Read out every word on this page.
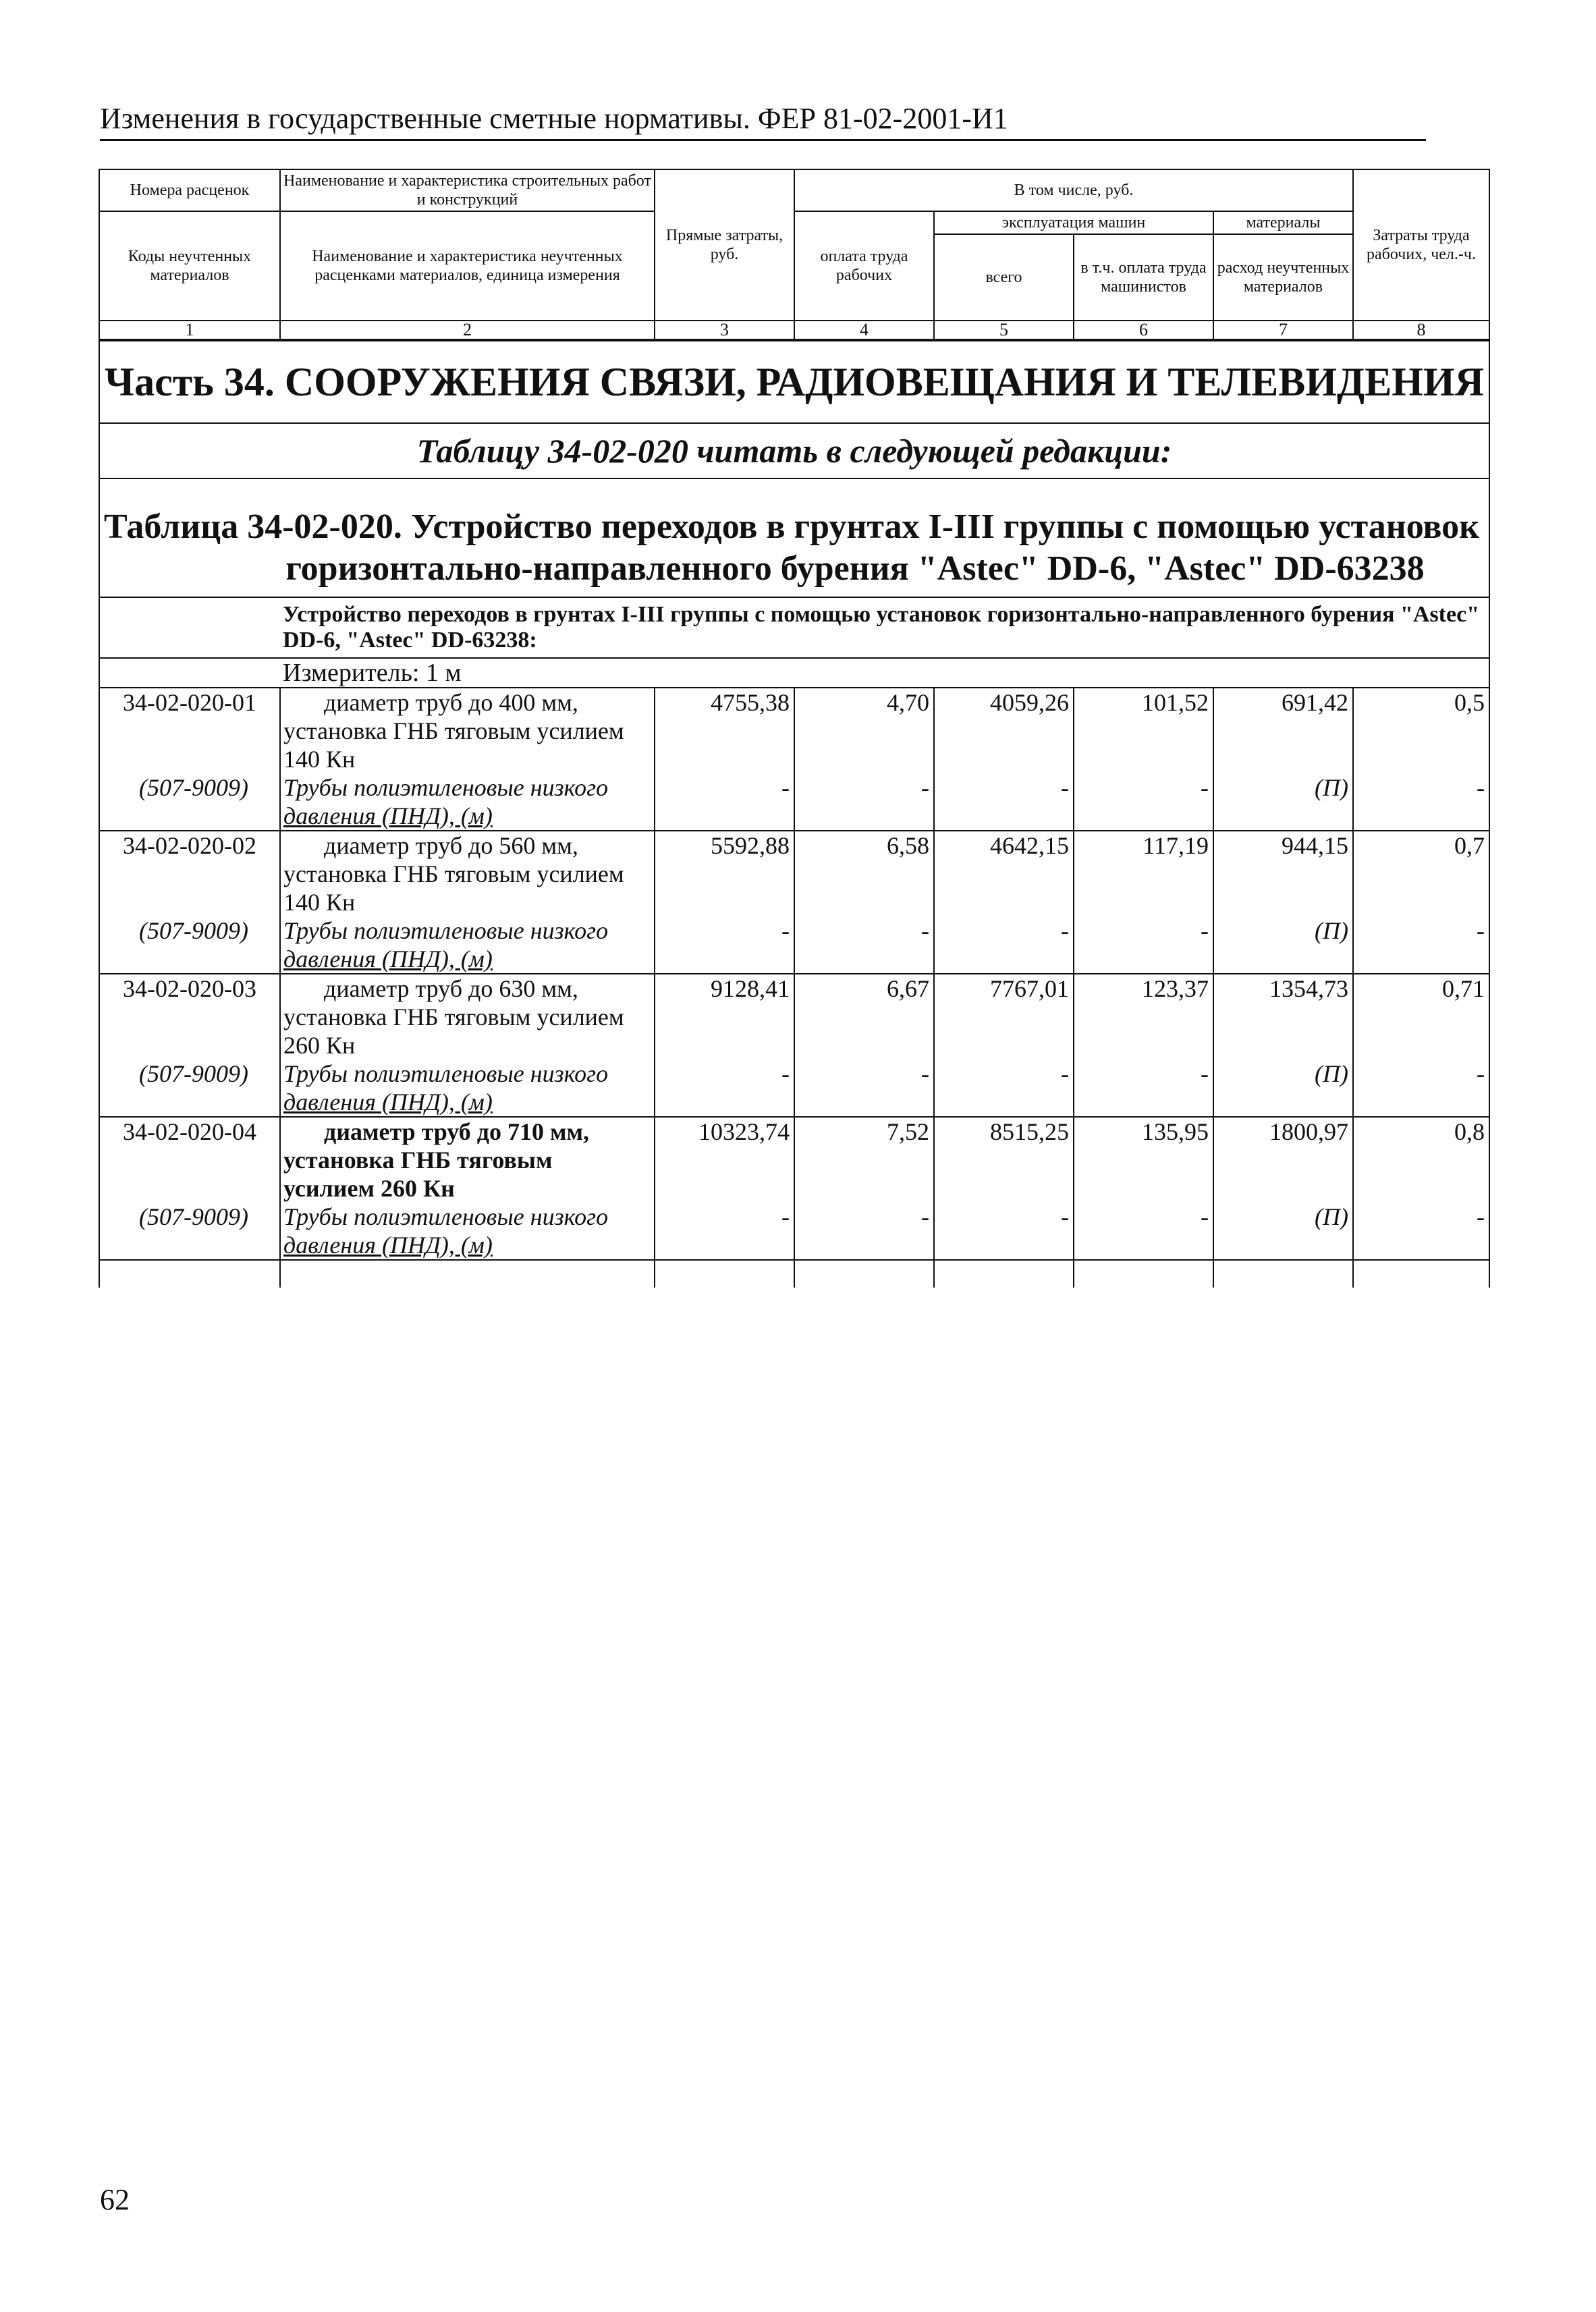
Изменения в государственные сметные нормативы. ФЕР 81-02-2001-И1
Номера расценок	Наименование и характеристика строительных работ и конструкций	Прямые затраты, руб.	В том числе, руб.				Затраты труда рабочих, чел.-ч.
Коды неучтенных материалов	Наименование и характеристика неучтенных расценками материалов, единица измерения		оплата труда рабочих	эксплуатация машин		материалы	
				всего	в т.ч. оплата труда машинистов	расход неучтенных материалов	
1	2	3	4	5	6	7	8
Часть 34. СООРУЖЕНИЯ СВЯЗИ, РАДИОВЕЩАНИЯ И ТЕЛЕВИДЕНИЯ							
Таблицу 34-02-020 читать в следующей редакции:							
Таблица 34-02-020. Устройство переходов в грунтах I-III группы с помощью установок
горизонтально-направленного бурения "Astec" DD-6, "Astec" DD-63238							

	Устройство переходов в грунтах I-III группы с помощью установок горизонтально-направленного бурения "Astec" DD-6, "Astec" DD-63238:						
	Измеритель: 1 м						
34-02-020-01	диаметр труб до 400 мм,
установка ГНБ тяговым усилием
140 Кн	4755,38	4,70	4059,26	101,52	691,42	0,5
(507-9009)	Трубы полиэтиленовые низкого
давления (ПНД), (м)	-	-	-	-	(П)	-
34-02-020-02	диаметр труб до 560 мм,
установка ГНБ тяговым усилием
140 Кн	5592,88	6,58	4642,15	117,19	944,15	0,7
(507-9009)	Трубы полиэтиленовые низкого
давления (ПНД), (м)	-	-	-	-	(П)	-
34-02-020-03	диаметр труб до 630 мм,
установка ГНБ тяговым усилием
260 Кн	9128,41	6,67	7767,01	123,37	1354,73	0,71
(507-9009)	Трубы полиэтиленовые низкого
давления (ПНД), (м)	-	-	-	-	(П)	-
34-02-020-04	диаметр труб до 710 мм,
установка ГНБ тяговым
усилием 260 Кн	10323,74	7,52	8515,25	135,95	1800,97	0,8
(507-9009)	Трубы полиэтиленовые низкого
давления (ПНД), (м)	-	-	-	-	(П)	-

62
